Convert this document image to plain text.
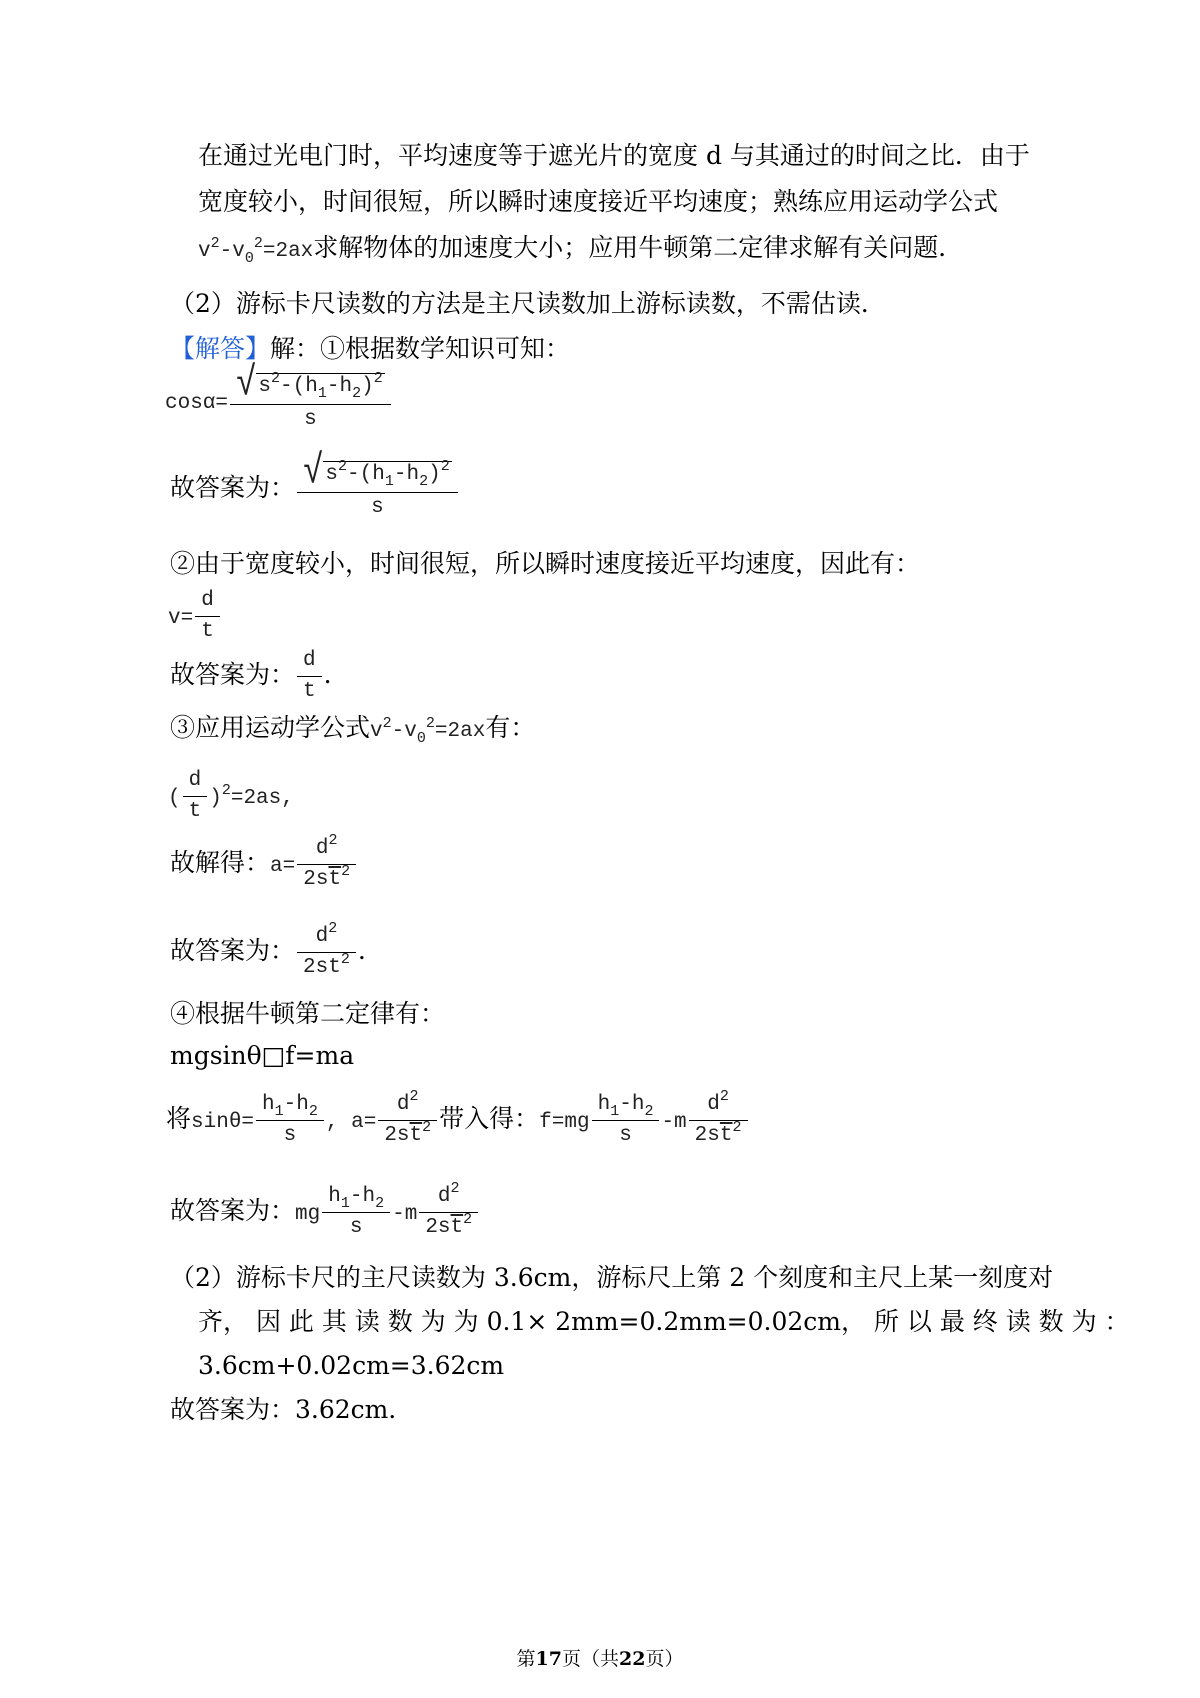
在通过光电门时，平均速度等于遮光片的宽度 d 与其通过的时间之比．由于
宽度较小，时间很短，所以瞬时速度接近平均速度；熟练应用运动学公式
$v^2-v_0^2=2ax$求解物体的加速度大小；应用牛顿第二定律求解有关问题．
（2）游标卡尺读数的方法是主尺读数加上游标读数，不需估读．
【解答】解：①根据数学知识可知：
$\cos\alpha= \frac{√ s^2-(h_1-h_2)^2}{s}$
故答案为： $\frac{√ s^2-(h_1-h_2)^2}{s}$
②由于宽度较小，时间很短，所以瞬时速度接近平均速度，因此有：
$v= \frac{d}{t}$
故答案为： $\frac{d}{t}$ .
③应用运动学公式$v^2-v_0^2=2ax$有：
( $\frac{d}{t} )^2=2as$,
故解得：$a= \frac{d^2}{2s\overline{t}^2}$
故答案为： $\frac{d^2}{2st^2}$ .
④根据牛顿第二定律有：
mgsinθ□f=ma
将$\sin\theta= \frac{h_1-h_2}{s}$ , $a= \frac{d^2}{2s\overline{t}^2}$ 带入得：$f=mg \frac{h_1-h_2}{s} -m \frac{d^2}{2s\overline{t}^2}$
故答案为：mg $\frac{h_1-h_2}{s} -m \frac{d^2}{2s\overline{t}^2}$
（2）游标卡尺的主尺读数为 3.6cm，游标尺上第 2 个刻度和主尺上某一刻度对
齐， 因 此 其 读 数 为 为 0.1× 2mm=0.2mm=0.02cm， 所 以 最 终 读 数 为 ：
3.6cm+0.02cm=3.62cm
故答案为：3.62cm．
第17页（共22页）
